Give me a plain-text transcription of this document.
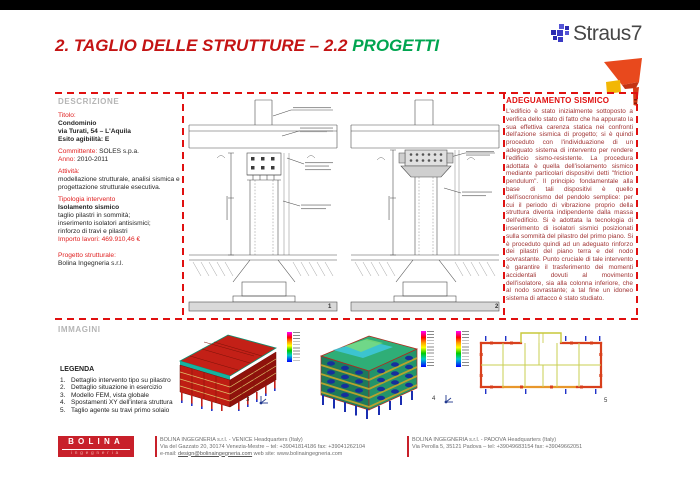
2. TAGLIO DELLE STRUTTURE – 2.2 PROGETTI
Straus7
DESCRIZIONE
Titolo:
Condominio
via Turati, 54 – L'Aquila
Esito agibilità: E
Committente: SOLES s.p.a.
Anno: 2010-2011
Attività:
modellazione strutturale, analisi sismica e progettazione strutturale esecutiva.
Tipologia intervento
Isolamento sismico
taglio pilastri in sommità;
inserimento isolatori antisismici;
rinforzo di travi e pilastri
Importo lavori: 469.910,46 €
Progetto strutturale:
Bolina Ingegneria s.r.l.
1	2
ADEGUAMENTO SISMICO
L'edificio è stato inizialmente sottoposto a verifica dello stato di fatto che ha appurato la sua effettiva carenza statica nei confronti dell'azione sismica di progetto; si è quindi proceduto con l'individuazione di un adeguato sistema di intervento per rendere l'edificio sismo-resistente. La procedura adottata è quella dell'isolamento sismico mediante particolari dispositivi detti "friction pendulum". Il principio fondamentale alla base di tali dispositivi è quello dell'isocronismo del pendolo semplice: per cui il periodo di vibrazione proprio della struttura diventa indipendente dalla massa dell'edificio. Si è adottata la tecnologia di inserimento di isolatori sismici posizionati sulla sommità del pilastro del primo piano. Si è proceduto quindi ad un adeguato rinforzo dei pilastri del piano terra e del nodo sovrastante. Punto cruciale di tale intervento è garantire il trasferimento dei momenti accidentali dovuti al movimento dell'isolatore, sia alla colonna inferiore, che al nodo sovrastante; a tal fine un idoneo sistema di attacco è stato studiato.
IMMAGINI
3	4	5
LEGENDA
1. Dettaglio intervento tipo su pilastro
2. Dettaglio situazione in esercizio
3. Modello FEM, vista globale
4. Spostamenti XY dell'intera struttura
5. Taglio agente su travi primo solaio
BOLINA
ingegneria
BOLINA INGEGNERIA s.r.l. - VENICE Headquarters (Italy)
Via del Gazzato 20, 30174 Venezia-Mestre – tel: +39041814186 fax: +39041262104
e-mail: design@bolinaingegneria.com web site: www.bolinaingegneria.com
BOLINA INGEGNERIA s.r.l. - PADOVA Headquarters (Italy)
Via Perolla 5, 35121 Padova – tel: +39049683154 fax: +39049662051
